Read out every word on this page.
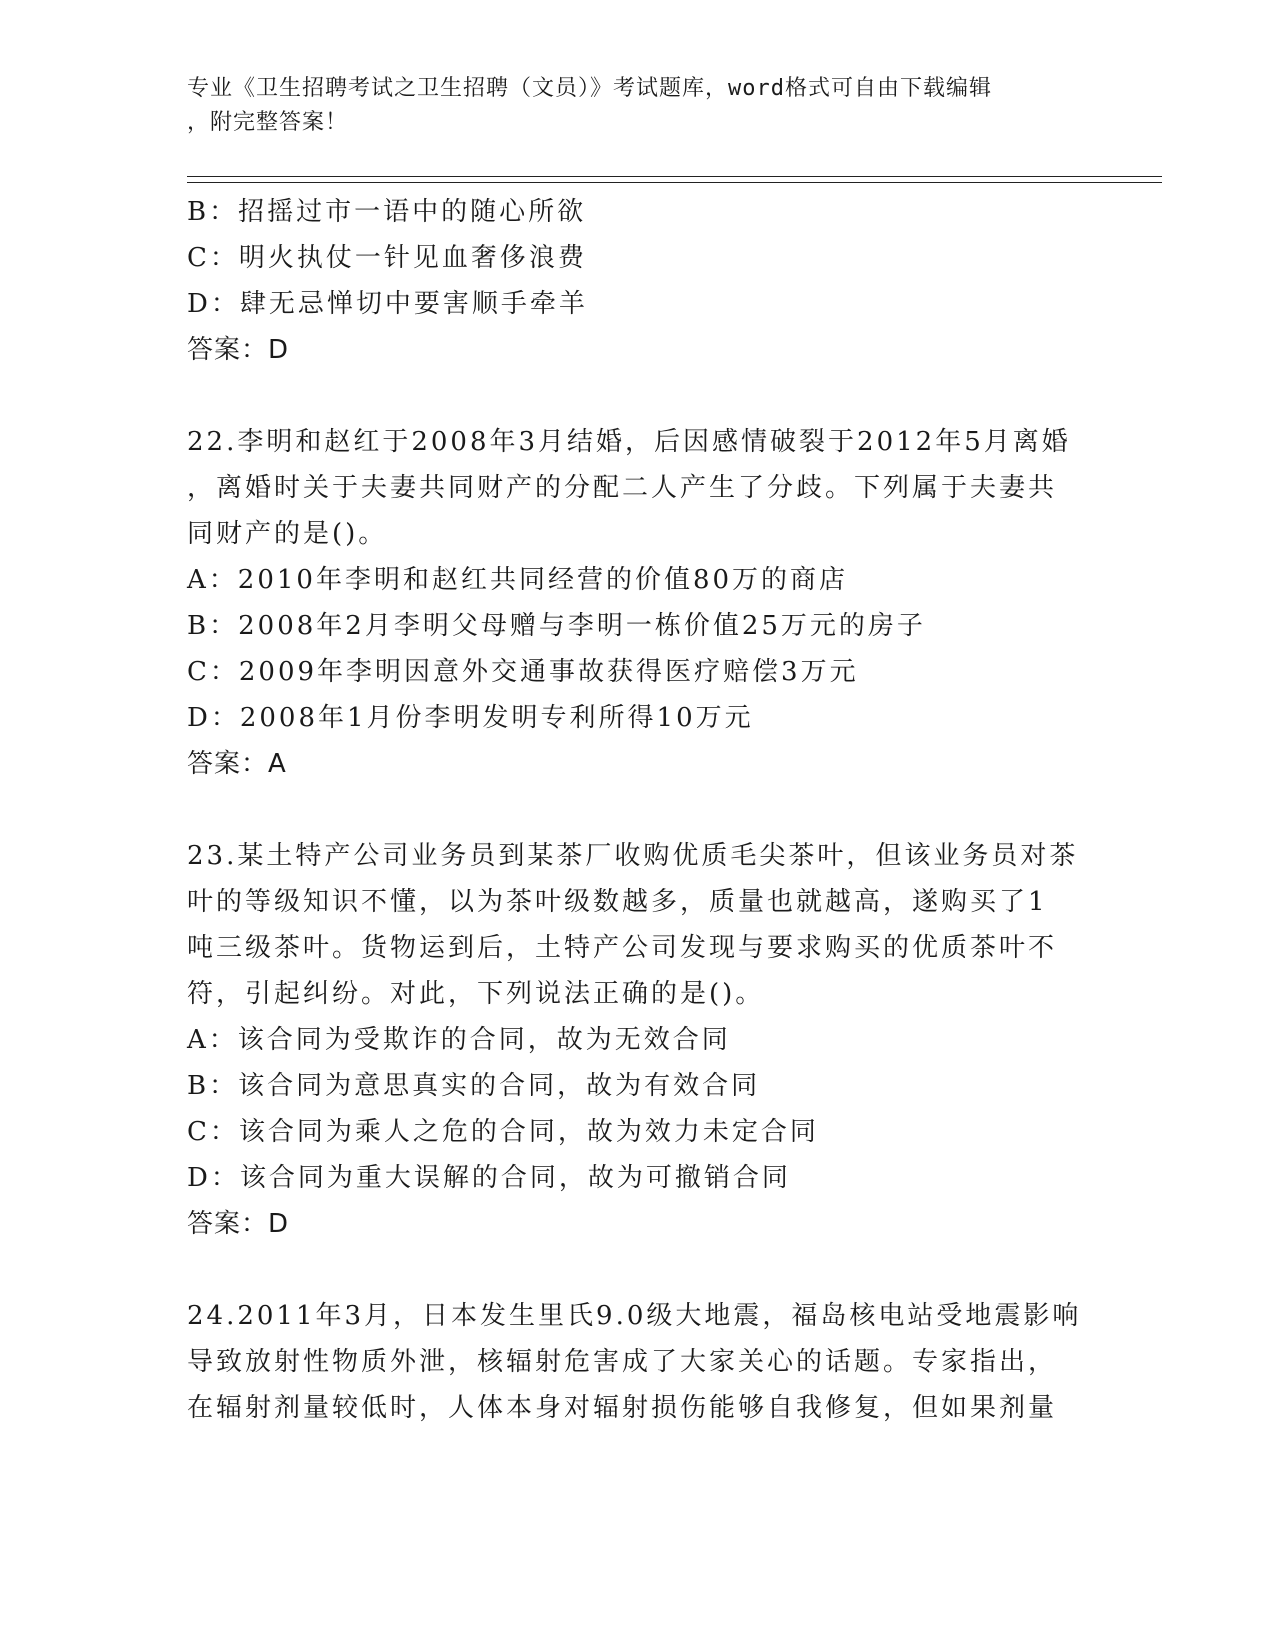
专业《卫生招聘考试之卫生招聘（文员）》考试题库，word格式可自由下载编辑
，附完整答案！
B：招摇过市一语中的随心所欲
C：明火执仗一针见血奢侈浪费
D：肆无忌惮切中要害顺手牵羊
答案：D
22.李明和赵红于2008年3月结婚，后因感情破裂于2012年5月离婚
，离婚时关于夫妻共同财产的分配二人产生了分歧。下列属于夫妻共
同财产的是()。
A：2010年李明和赵红共同经营的价值80万的商店
B：2008年2月李明父母赠与李明一栋价值25万元的房子
C：2009年李明因意外交通事故获得医疗赔偿3万元
D：2008年1月份李明发明专利所得10万元
答案：A
23.某土特产公司业务员到某茶厂收购优质毛尖茶叶，但该业务员对茶
叶的等级知识不懂，以为茶叶级数越多，质量也就越高，遂购买了1
吨三级茶叶。货物运到后，土特产公司发现与要求购买的优质茶叶不
符，引起纠纷。对此，下列说法正确的是()。
A：该合同为受欺诈的合同，故为无效合同
B：该合同为意思真实的合同，故为有效合同
C：该合同为乘人之危的合同，故为效力未定合同
D：该合同为重大误解的合同，故为可撤销合同
答案：D
24.2011年3月，日本发生里氏9.0级大地震，福岛核电站受地震影响
导致放射性物质外泄，核辐射危害成了大家关心的话题。专家指出，
在辐射剂量较低时，人体本身对辐射损伤能够自我修复，但如果剂量
